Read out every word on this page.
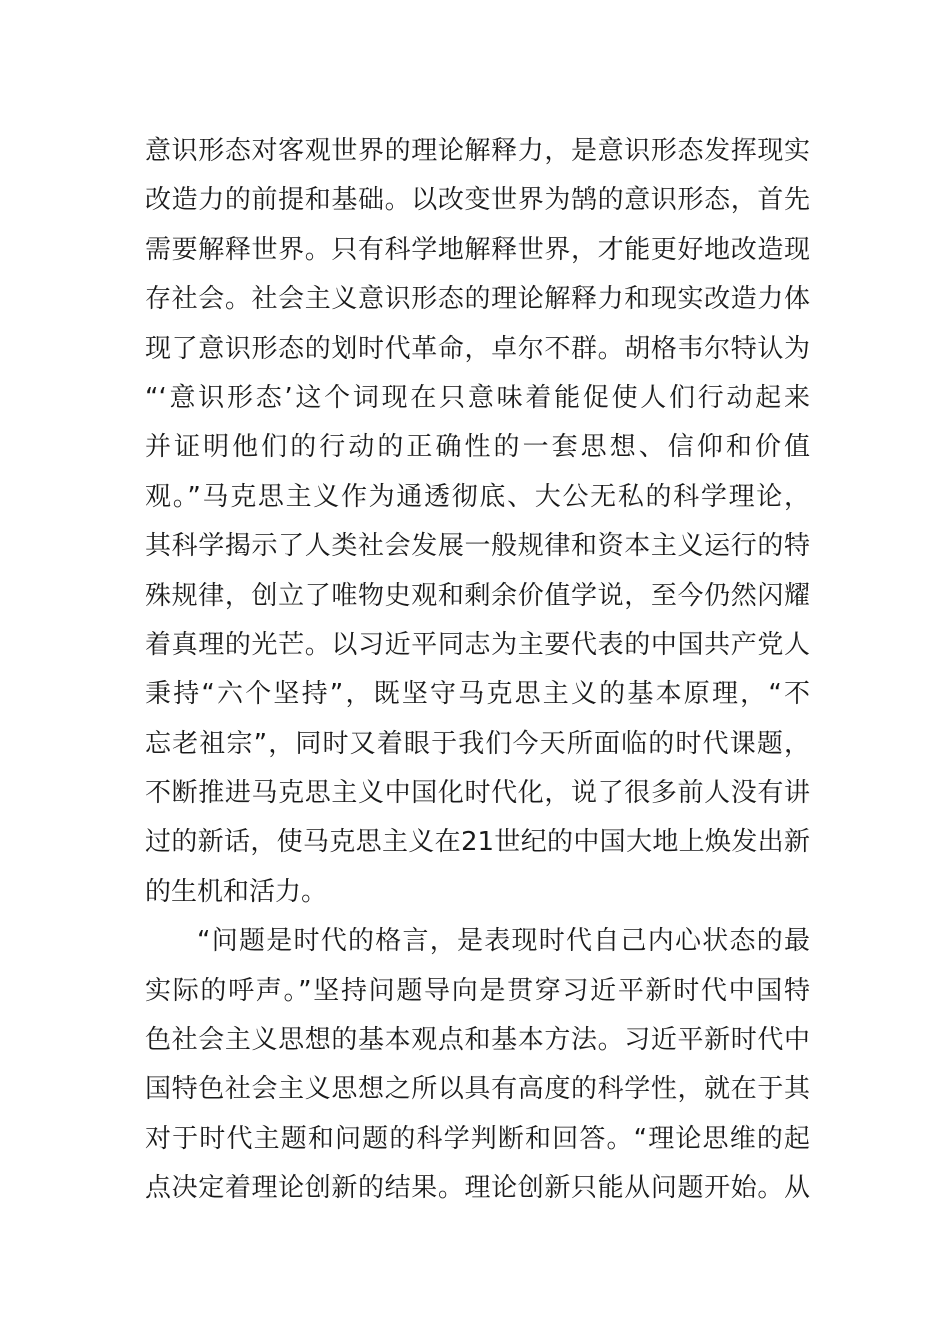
意识形态对客观世界的理论解释力，是意识形态发挥现实
改造力的前提和基础。以改变世界为鹄的意识形态，首先
需要解释世界。只有科学地解释世界，才能更好地改造现
存社会。社会主义意识形态的理论解释力和现实改造力体
现了意识形态的划时代革命，卓尔不群。胡格韦尔特认为
“‘意识形态’这个词现在只意味着能促使人们行动起来
并证明他们的行动的正确性的一套思想、信仰和价值
观。”马克思主义作为通透彻底、大公无私的科学理论，
其科学揭示了人类社会发展一般规律和资本主义运行的特
殊规律，创立了唯物史观和剩余价值学说，至今仍然闪耀
着真理的光芒。以习近平同志为主要代表的中国共产党人
秉持“六个坚持”，既坚守马克思主义的基本原理，“不
忘老祖宗”，同时又着眼于我们今天所面临的时代课题，
不断推进马克思主义中国化时代化，说了很多前人没有讲
过的新话，使马克思主义在21世纪的中国大地上焕发出新
的生机和活力。
“问题是时代的格言，是表现时代自己内心状态的最
实际的呼声。”坚持问题导向是贯穿习近平新时代中国特
色社会主义思想的基本观点和基本方法。习近平新时代中
国特色社会主义思想之所以具有高度的科学性，就在于其
对于时代主题和问题的科学判断和回答。“理论思维的起
点决定着理论创新的结果。理论创新只能从问题开始。从
